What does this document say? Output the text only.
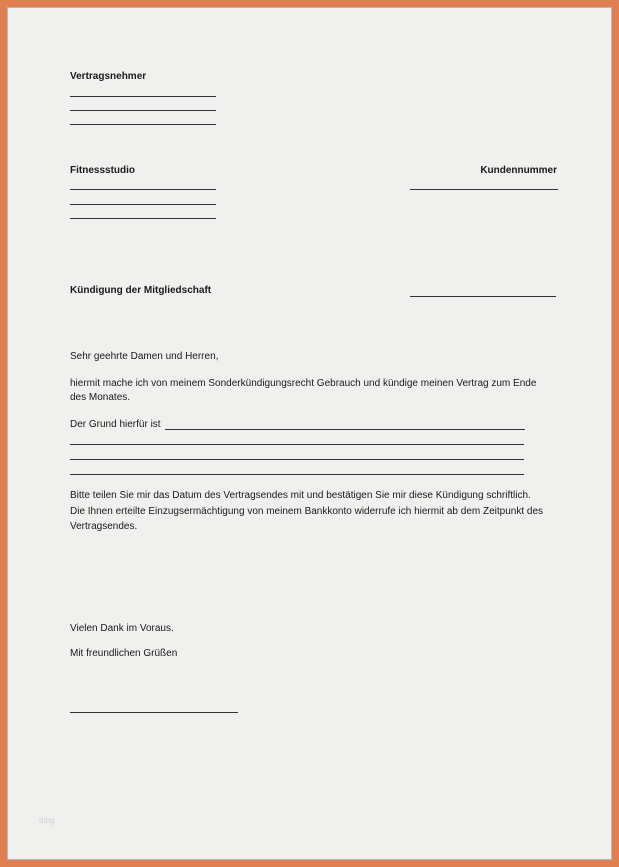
Vertragsnehmer
Fitnessstudio	Kundennummer
Kündigung der Mitgliedschaft
Sehr geehrte Damen und Herren,
hiermit mache ich von meinem Sonderkündigungsrecht Gebrauch und kündige meinen Vertrag zum Ende
des Monates.
Der Grund hierfür ist
Bitte teilen Sie mir das Datum des Vertragsendes mit und bestätigen Sie mir diese Kündigung schriftlich.
Die Ihnen erteilte Einzugsermächtigung von meinem Bankkonto widerrufe ich hiermit ab dem Zeitpunkt des
Vertragsendes.
Vielen Dank im Voraus.
Mit freundlichen Grüßen
tbbg
